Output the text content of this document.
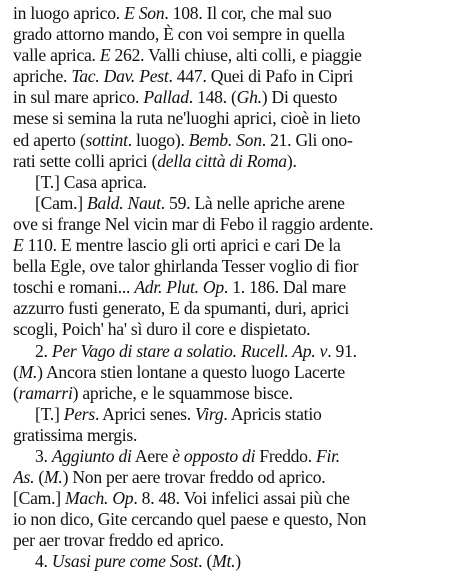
in luogo aprico. E Son. 108. Il cor, che mal suo
grado attorno mando, È con voi sempre in quella
valle aprica. E 262. Valli chiuse, alti colli, e piaggie
apriche. Tac. Dav. Pest. 447. Quei di Pafo in Cipri
in sul mare aprico. Pallad. 148. (Gh.) Di questo
mese si semina la ruta ne'luoghi aprici, cioè in lieto
ed aperto (sottint. luogo). Bemb. Son. 21. Gli ono-
rati sette colli aprici (della città di Roma).
[T.] Casa aprica.
[Cam.] Bald. Naut. 59. Là nelle apriche arene
ove si frange Nel vicin mar di Febo il raggio ardente.
E 110. E mentre lascio gli orti aprici e cari De la
bella Egle, ove talor ghirlanda Tesser voglio di fior
toschi e romani... Adr. Plut. Op. 1. 186. Dal mare
azzurro fusti generato, E da spumanti, duri, aprici
scogli, Poich' ha' sì duro il core e dispietato.
2. Per Vago di stare a solatio. Rucell. Ap. v. 91.
(M.) Ancora stien lontane a questo luogo Lacerte
(ramarri) apriche, e le squammose bisce.
[T.] Pers. Aprici senes. Virg. Apricis statio
gratissima mergis.
3. Aggiunto di Aere è opposto di Freddo. Fir.
As. (M.) Non per aere trovar freddo od aprico.
[Cam.] Mach. Op. 8. 48. Voi infelici assai più che
io non dico, Gite cercando quel paese e questo, Non
per aer trovar freddo ed aprico.
4. Usasi pure come Sost. (Mt.)
